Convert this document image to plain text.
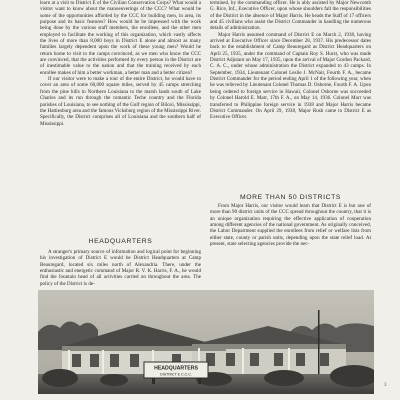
learn at a visit to District E of the Civilian Conservation Corps? What would a visitor want to know about the manoeuverings of the CCC? What would be some of the opportunities afforded by the CCC for building men, in area, its purpose and its basic features? How would he be impressed with the work being done by the various staff members, the enrollees, and the other men employed to facilitate the working of this organization, which vastly affects the lives of more than 8,000 boys in District E alone and almost as many families largely dependent upon the work of these young men? Would he return home to visit to the camps convinced, as we men who know the CCC are convinced, that the activities performed by every person in the District are of inestimable value to the nation and that the training received by each enrollee makes of him a better workman, a better man and a better citizen?

If our visitor were to make a tour of the entire District, he would have to cover an area of some 60,000 square miles, served by 45 camps stretching from the pine hills in Northern Louisiana to the marsh lands south of Lake Charles and its run through the romantic Teche country and the Florida parishes of Louisiana, to see nothing of the Gulf region of Biloxi, Mississippi, the Hattiesburg area and the famous Vicksburg region of the Mississippi River. Specifically, the District comprises all of Louisiana and the southern half of Mississippi.

HEADQUARTERS

A stranger's primary source of information and logical point for beginning his investigation of District E would be District Headquarters at Camp Beauregard, located six miles north of Alexandria. There, under the enthusiastic and energetic command of Major R. V. K. Harris, F. A., he would find the fountain head of all activities carried on throughout the area. The policy of the District is de-

termined, by the commanding officer. He is ably assisted by Major Newcomb G. Rice, Inf., Executive Officer, upon whose shoulders fall the responsibilities of the District in the absence of Major Harris. He heads the Staff of 17 officers and 45 civilians who assist the District Commander in handling the numerous details of administration.

Major Harris assumed command of District E on March 2, 1938, having arrived at Executive Officer since December 28, 1937. His predecessor dates back to the establishment of Camp Beauregard as District Headquarters on April 25, 1935, under the command of Captain Roy S. Hurst, who was made District Adjutant on May 17, 1935, upon the arrival of Major Gordon Packard, C. A. C., under whose administration the District expanded to 43 camps. In September, 1934, Lieutenant Colonel Leslie J. McNair, Fourth F. A., became District Commander for the period ending April 1 of the following year, when he was relieved by Lieutenant Colonel Thomas D. Osborne, Fourth F. A. Upon being ordered to foreign service in Hawaii, Colonel Osborne was succeeded by Colonel Harold E. Marr, 17th F. A., on May 14, 1936. Colonel Marr was transferred to Philippine foreign service in 1938 and Major Harris became District Commander. On April 29, 1938, Major Rush came to District E as Executive Officer.

MORE THAN 50 DISTRICTS

From Major Harris, our visitor would learn that District E is but one of more than 90 district units of the CCC spread throughout the country, that it is an unique organization requiring the effective application of cooperation among different agencies of the national government. As originally conceived, the Labor Department supplied the enrollees from relief or welfare lists from either state, county or parish units, depending upon the state relief load. At present, state selecting agencies provide the nec-

HEADQUARTERS
DISTRICT E C.C.C.
3
